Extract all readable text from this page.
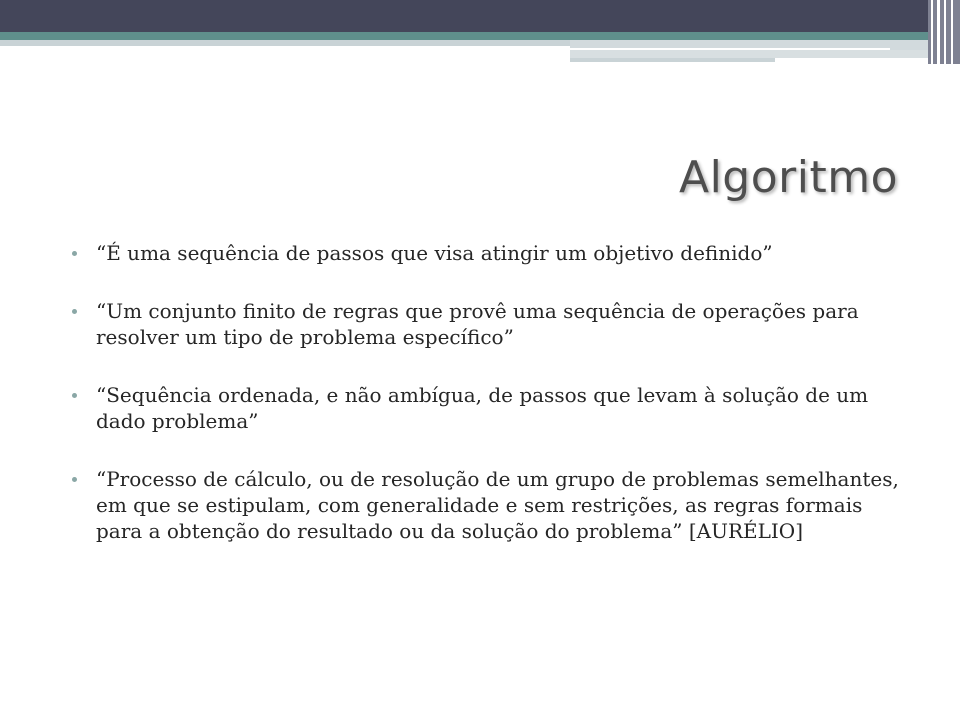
Algoritmo
“É uma sequência de passos que visa atingir um objetivo definido”
“Um conjunto finito de regras que provê uma sequência de operações para resolver um tipo de problema específico”
“Sequência ordenada, e não ambígua, de passos que levam à solução de um dado problema”
“Processo de cálculo, ou de resolução de um grupo de problemas semelhantes, em que se estipulam, com generalidade e sem restrições, as regras formais para a obtenção do resultado ou da solução do problema” [AURÉLIO]
